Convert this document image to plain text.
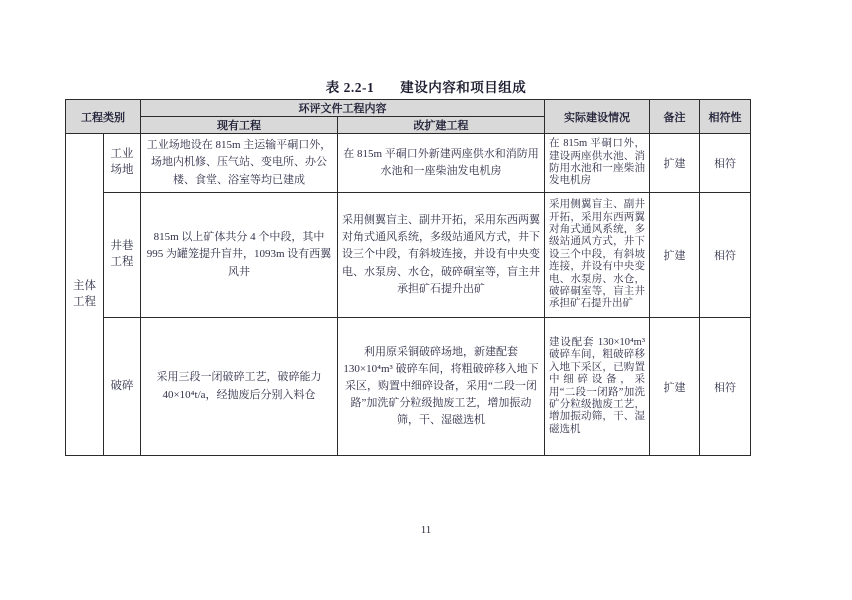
表 2.2-1 建设内容和项目组成
工程类别		环评文件工程内容		实际建设情况	备注	相符性
		现有工程	改扩建工程			
主体工程	工业场地	工业场地设在 815m 主运输平硐口外，场地内机修、压气站、变电所、办公楼、食堂、浴室等均已建成	在 815m 平硐口外新建两座供水和消防用水池和一座柴油发电机房	在 815m 平硐口外，建设两座供水池、消防用水池和一座柴油发电机房	扩建	相符
	井巷工程	815m 以上矿体共分 4 个中段，其中 995 为罐笼提升盲井，1093m 设有西翼风井	采用侧翼盲主、副井开拓，采用东西两翼对角式通风系统，多级站通风方式，井下设三个中段，有斜坡连接，并设有中央变电、水泵房、水仓，破碎硐室等，盲主井承担矿石提升出矿	采用侧翼盲主、副井开拓，采用东西两翼对角式通风系统，多级站通风方式，井下设三个中段，有斜坡连接，并设有中央变电、水泵房、水仓，破碎硐室等，盲主井承担矿石提升出矿	扩建	相符
	破碎	采用三段一闭破碎工艺，破碎能力 40×10⁴t/a，经抛废后分别入料仓	利用原采铜破碎场地，新建配套 130×10⁴m³ 破碎车间，将粗破碎移入地下采区，购置中细碎设备，采用“二段一闭路”加洗矿分粒级抛废工艺，增加振动筛，干、湿磁选机	建设配套 130×10⁴m³ 破碎车间，粗破碎移入地下采区，已购置中细碎设备，采用“二段一闭路”加洗矿分粒级抛废工艺，增加振动筛，干、湿磁选机	扩建	相符
11
